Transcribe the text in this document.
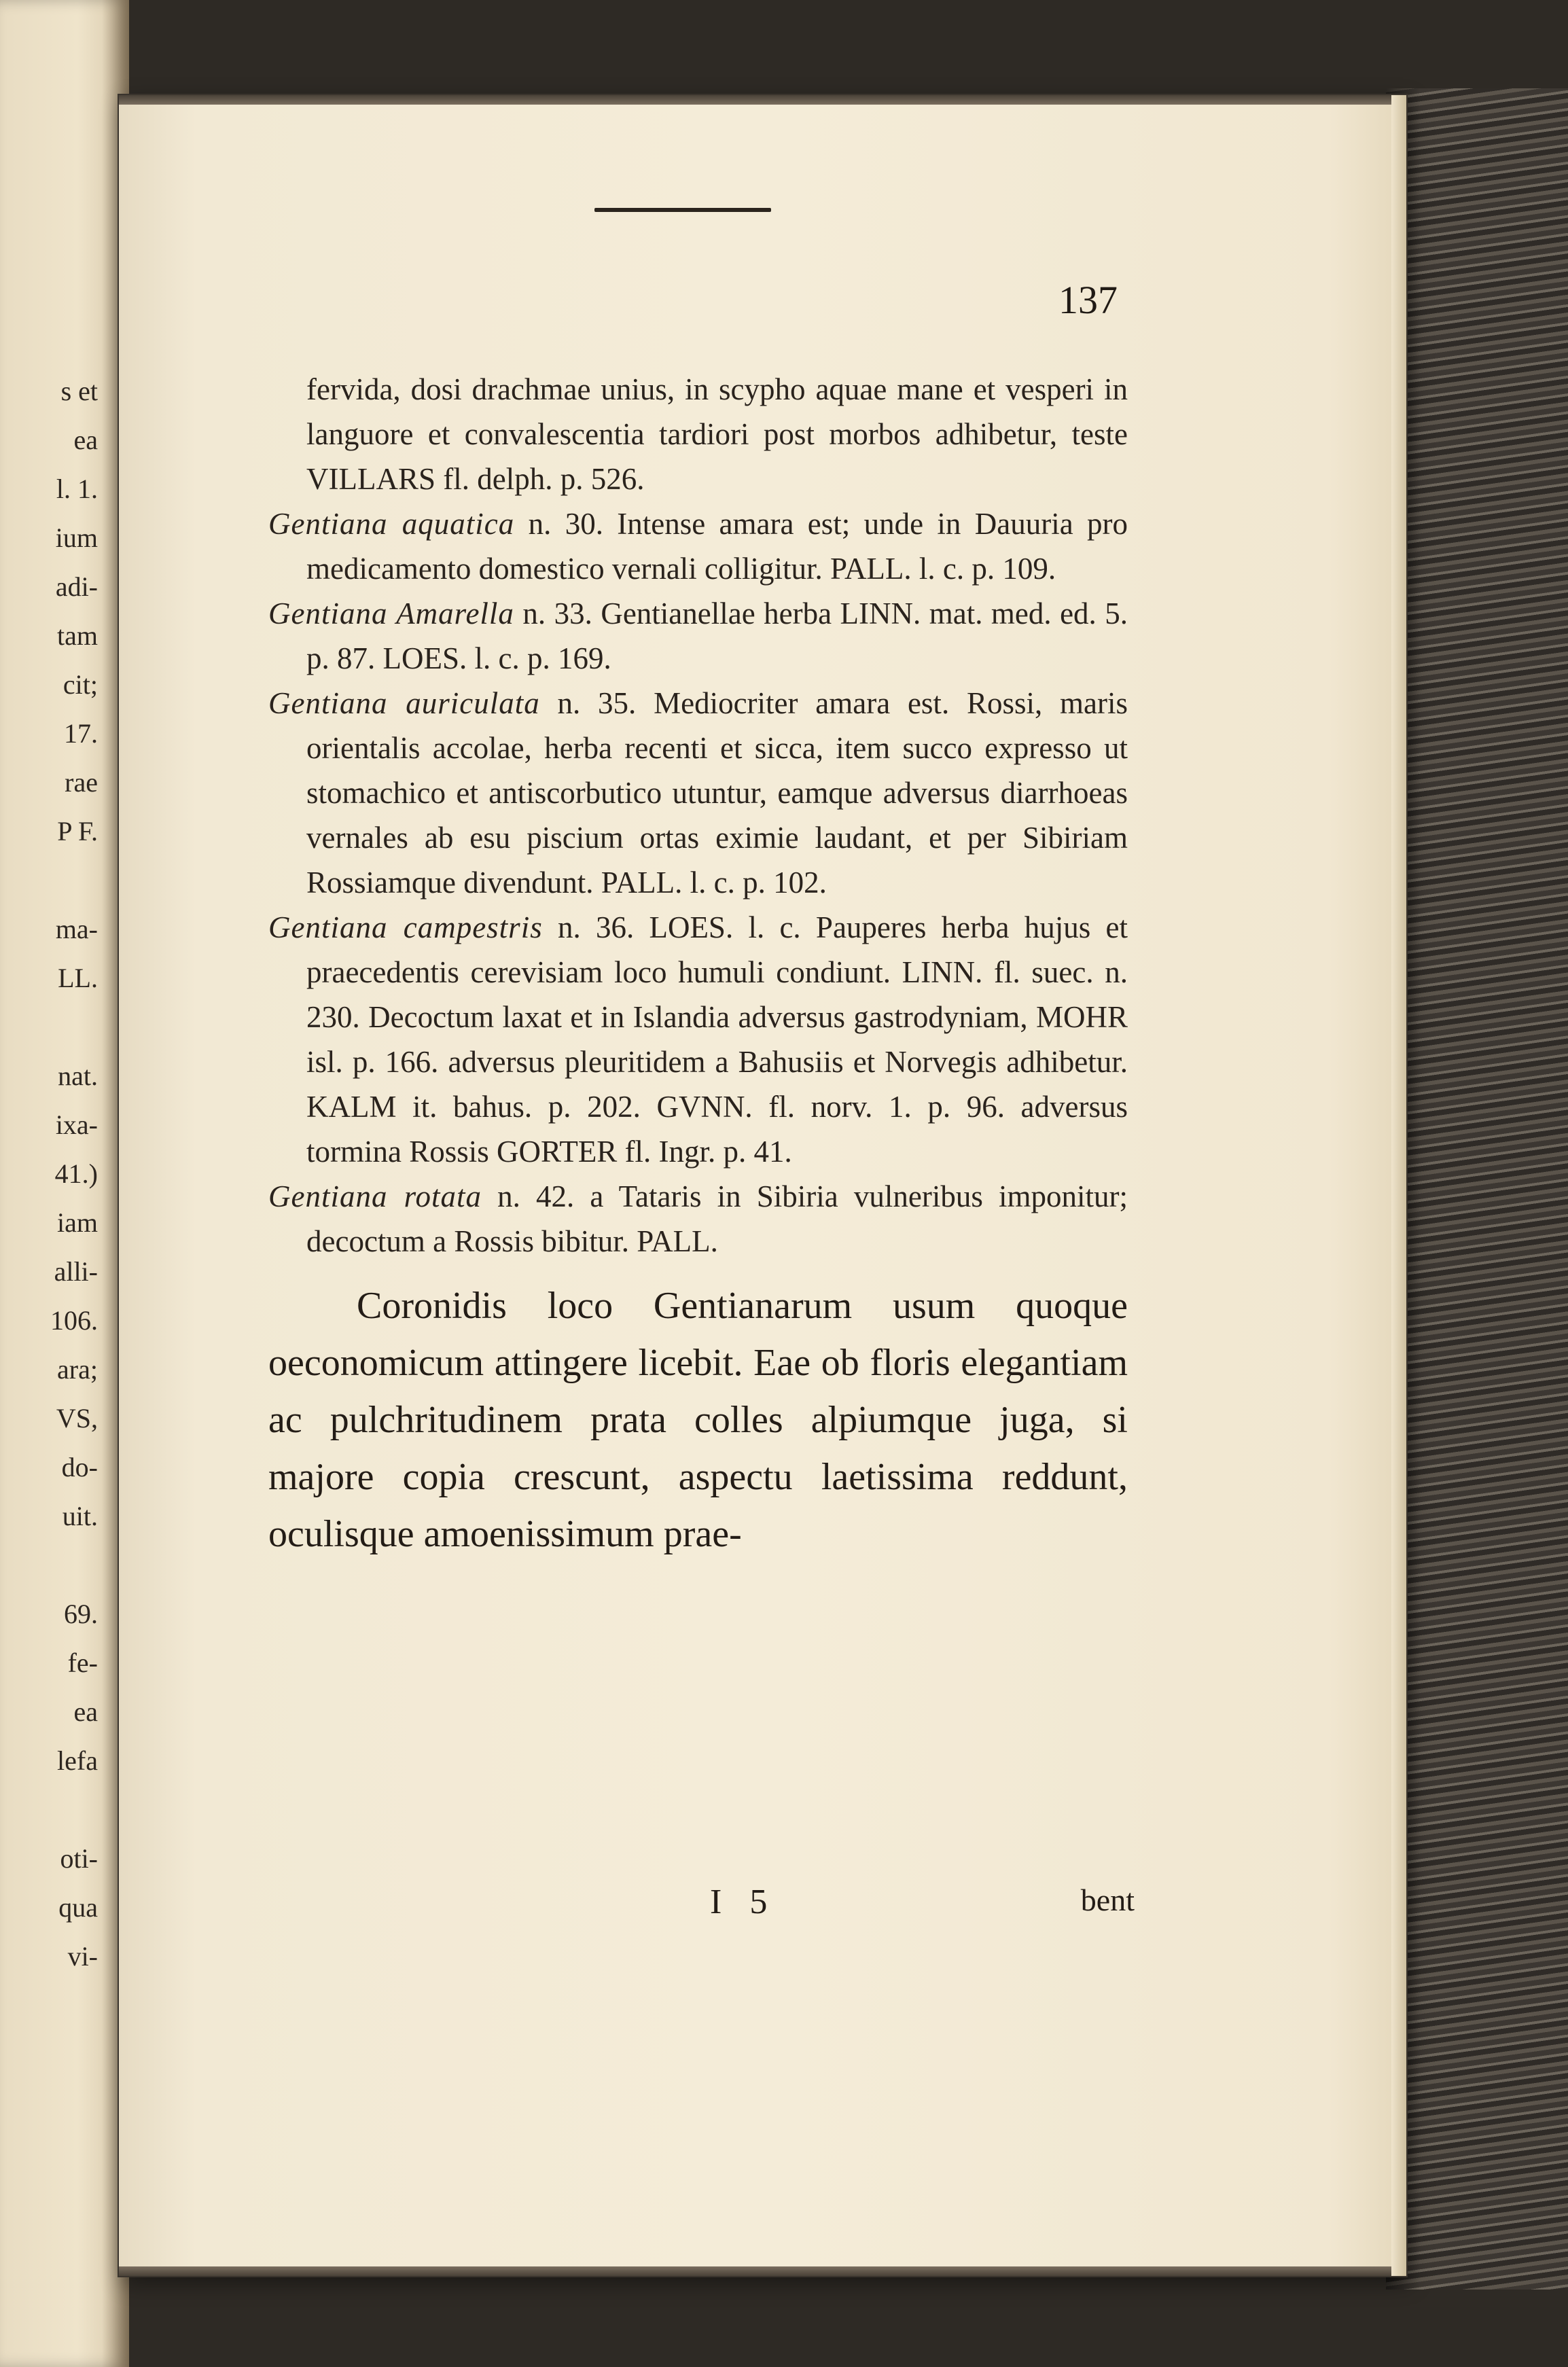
s et
ea
l. 1.
ium
adi-
tam
cit;
17.
rae
P F.
ma-
LL.
nat.
ixa-
41.)
iam
alli-
106.
ara;
VS,
do-
uit.
69.
fe-
ea
lefa
oti-
qua
vi-
137

fervida, dosi drachmae unius, in scypho aquae mane et vesperi in languore et convalescentia tardiori post morbos adhibetur, teste VILLARS fl. delph. p. 526.

Gentiana aquatica n. 30. Intense amara est; unde in Dauuria pro medicamento domestico vernali colligitur. PALL. l. c. p. 109.

Gentiana Amarella n. 33. Gentianellae herba LINN. mat. med. ed. 5. p. 87. LOES. l. c. p. 169.

Gentiana auriculata n. 35. Mediocriter amara est. Rossi, maris orientalis accolae, herba recenti et sicca, item succo expresso ut stomachico et antiscorbutico utuntur, eamque adversus diarrhoeas vernales ab esu piscium ortas eximie laudant, et per Sibiriam Rossiamque divendunt. PALL. l. c. p. 102.

Gentiana campestris n. 36. LOES. l. c. Pauperes herba hujus et praecedentis cerevisiam loco humuli condiunt. LINN. fl. suec. n. 230. Decoctum laxat et in Islandia adversus gastrodyniam, MOHR isl. p. 166. adversus pleuritidem a Bahusiis et Norvegis adhibetur. KALM it. bahus. p. 202. GVNN. fl. norv. 1. p. 96. adversus tormina Rossis GORTER fl. Ingr. p. 41.

Gentiana rotata n. 42. a Tataris in Sibiria vulneribus imponitur; decoctum a Rossis bibitur. PALL.

Coronidis loco Gentianarum usum quoque oeconomicum attingere licebit. Eae ob floris elegantiam ac pulchritudinem prata colles alpiumque juga, si majore copia crescunt, aspectu laetissima reddunt, oculisque amoenissimum prae-

I 5	bent
